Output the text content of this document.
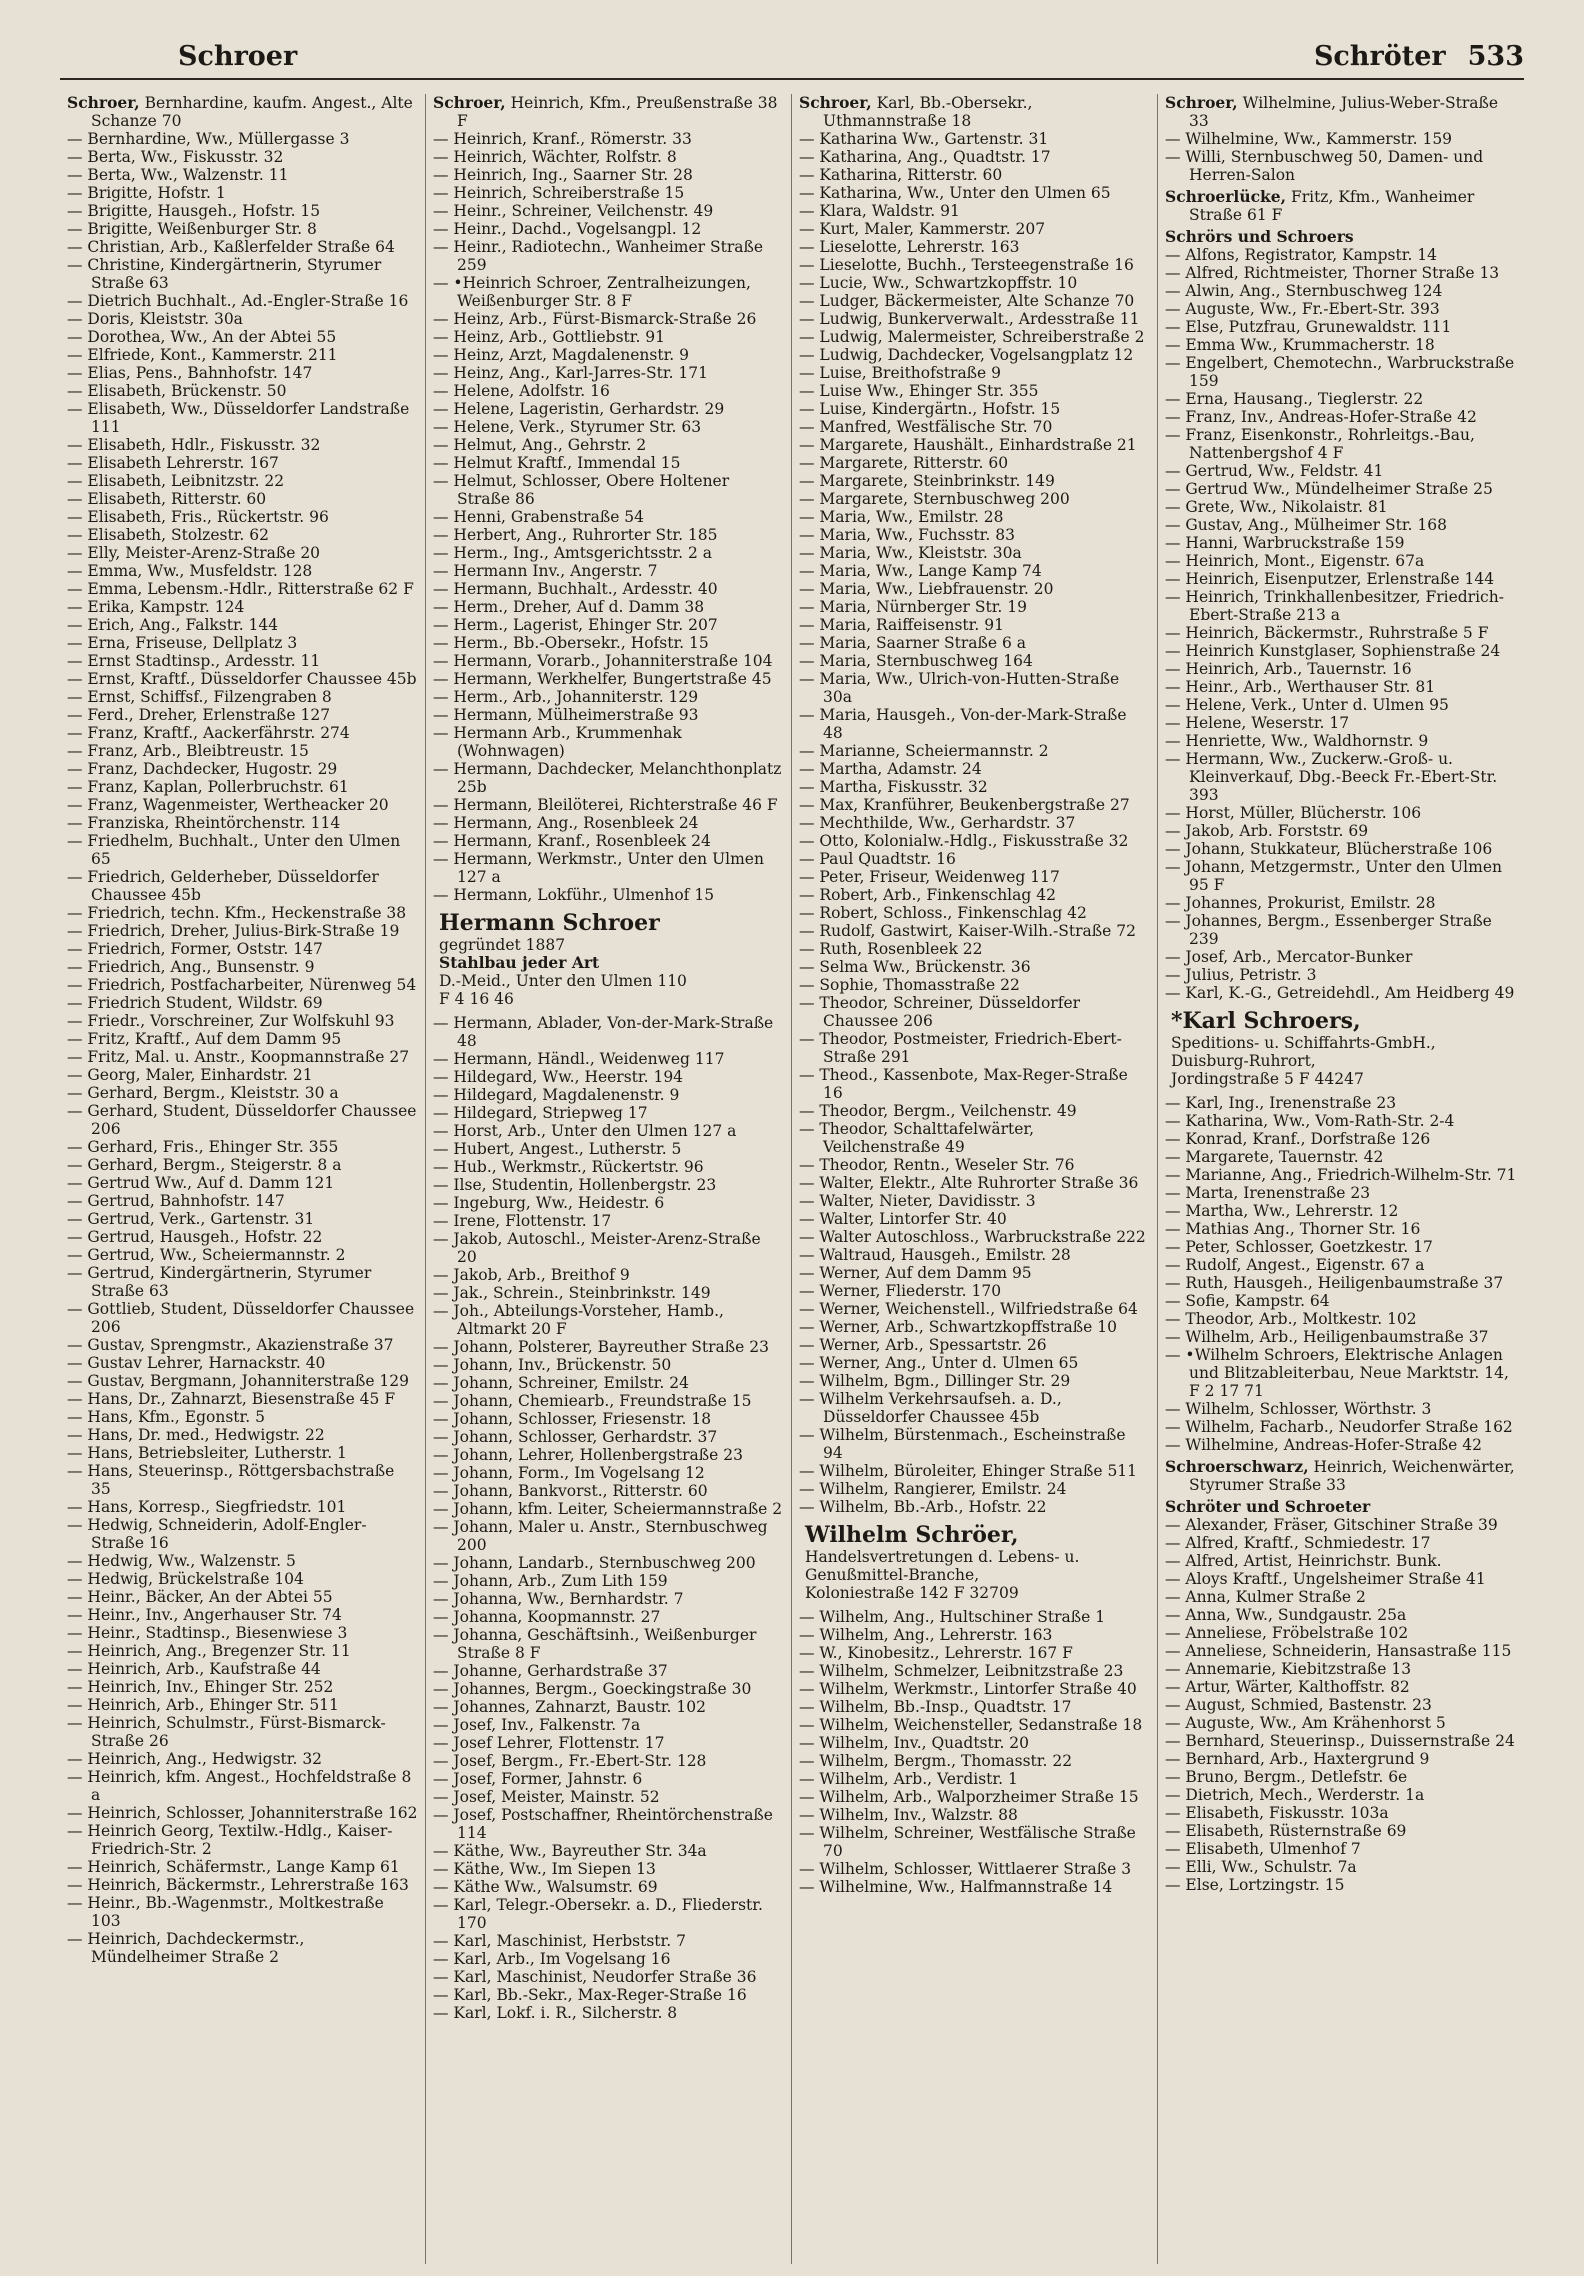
Schroer	Schröter 533
Schroer, Bernhardine, kaufm. Angest., Alte Schanze 70
— Bernhardine, Ww., Müllergasse 3
— Berta, Ww., Fiskusstr. 32
— Berta, Ww., Walzenstr. 11
— Brigitte, Hofstr. 1
— Brigitte, Hausgeh., Hofstr. 15
— Brigitte, Weißenburger Str. 8
— Christian, Arb., Kaßlerfelder Straße 64
— Christine, Kindergärtnerin, Styrumer Straße 63
— Dietrich Buchhalt., Ad.-Engler-Straße 16
— Doris, Kleiststr. 30a
— Dorothea, Ww., An der Abtei 55
— Elfriede, Kont., Kammerstr. 211
— Elias, Pens., Bahnhofstr. 147
— Elisabeth, Brückenstr. 50
— Elisabeth, Ww., Düsseldorfer Landstraße 111
— Elisabeth, Hdlr., Fiskusstr. 32
— Elisabeth Lehrerstr. 167
— Elisabeth, Leibnitzstr. 22
— Elisabeth, Ritterstr. 60
— Elisabeth, Fris., Rückertstr. 96
— Elisabeth, Stolzestr. 62
— Elly, Meister-Arenz-Straße 20
— Emma, Ww., Musfeldstr. 128
— Emma, Lebensm.-Hdlr., Ritterstraße 62 F
— Erika, Kampstr. 124
— Erich, Ang., Falkstr. 144
— Erna, Friseuse, Dellplatz 3
— Ernst Stadtinsp., Ardesstr. 11
— Ernst, Kraftf., Düsseldorfer Chaussee 45b
— Ernst, Schiffsf., Filzengraben 8
— Ferd., Dreher, Erlenstraße 127
— Franz, Kraftf., Aackerfährstr. 274
— Franz, Arb., Bleibtreustr. 15
— Franz, Dachdecker, Hugostr. 29
— Franz, Kaplan, Pollerbruchstr. 61
— Franz, Wagenmeister, Wertheacker 20
— Franziska, Rheintörchenstr. 114
— Friedhelm, Buchhalt., Unter den Ulmen 65
— Friedrich, Gelderheber, Düsseldorfer Chaussee 45b
— Friedrich, techn. Kfm., Heckenstraße 38
— Friedrich, Dreher, Julius-Birk-Straße 19
— Friedrich, Former, Oststr. 147
— Friedrich, Ang., Bunsenstr. 9
— Friedrich, Postfacharbeiter, Nürenweg 54
— Friedrich Student, Wildstr. 69
— Friedr., Vorschreiner, Zur Wolfskuhl 93
— Fritz, Kraftf., Auf dem Damm 95
— Fritz, Mal. u. Anstr., Koopmannstraße 27
— Georg, Maler, Einhardstr. 21
— Gerhard, Bergm., Kleiststr. 30 a
— Gerhard, Student, Düsseldorfer Chaussee 206
— Gerhard, Fris., Ehinger Str. 355
— Gerhard, Bergm., Steigerstr. 8 a
— Gertrud Ww., Auf d. Damm 121
— Gertrud, Bahnhofstr. 147
— Gertrud, Verk., Gartenstr. 31
— Gertrud, Hausgeh., Hofstr. 22
— Gertrud, Ww., Scheiermannstr. 2
— Gertrud, Kindergärtnerin, Styrumer Straße 63
— Gottlieb, Student, Düsseldorfer Chaussee 206
— Gustav, Sprengmstr., Akazienstraße 37
— Gustav Lehrer, Harnackstr. 40
— Gustav, Bergmann, Johanniterstraße 129
— Hans, Dr., Zahnarzt, Biesenstraße 45 F
— Hans, Kfm., Egonstr. 5
— Hans, Dr. med., Hedwigstr. 22
— Hans, Betriebsleiter, Lutherstr. 1
— Hans, Steuerinsp., Röttgersbachstraße 35
— Hans, Korresp., Siegfriedstr. 101
— Hedwig, Schneiderin, Adolf-Engler-Straße 16
— Hedwig, Ww., Walzenstr. 5
— Hedwig, Brückelstraße 104
— Heinr., Bäcker, An der Abtei 55
— Heinr., Inv., Angerhauser Str. 74
— Heinr., Stadtinsp., Biesenwiese 3
— Heinrich, Ang., Bregenzer Str. 11
— Heinrich, Arb., Kaufstraße 44
— Heinrich, Inv., Ehinger Str. 252
— Heinrich, Arb., Ehinger Str. 511
— Heinrich, Schulmstr., Fürst-Bismarck-Straße 26
— Heinrich, Ang., Hedwigstr. 32
— Heinrich, kfm. Angest., Hochfeldstraße 8 a
— Heinrich, Schlosser, Johanniterstraße 162
— Heinrich Georg, Textilw.-Hdlg., Kaiser-Friedrich-Str. 2
— Heinrich, Schäfermstr., Lange Kamp 61
— Heinrich, Bäckermstr., Lehrerstraße 163
— Heinr., Bb.-Wagenmstr., Moltkestraße 103
— Heinrich, Dachdeckermstr., Mündelheimer Straße 2
Schroer, Heinrich, Kfm., Preußenstraße 38 F
— Heinrich, Kranf., Römerstr. 33
— Heinrich, Wächter, Rolfstr. 8
— Heinrich, Ing., Saarner Str. 28
— Heinrich, Schreiberstraße 15
— Heinr., Schreiner, Veilchenstr. 49
— Heinr., Dachd., Vogelsangpl. 12
— Heinr., Radiotechn., Wanheimer Straße 259
— •Heinrich Schroer, Zentralheizungen, Weißenburger Str. 8 F
— Heinz, Arb., Fürst-Bismarck-Straße 26
— Heinz, Arb., Gottliebstr. 91
— Heinz, Arzt, Magdalenenstr. 9
— Heinz, Ang., Karl-Jarres-Str. 171
— Helene, Adolfstr. 16
— Helene, Lageristin, Gerhardstr. 29
— Helene, Verk., Styrumer Str. 63
— Helmut, Ang., Gehrstr. 2
— Helmut Kraftf., Immendal 15
— Helmut, Schlosser, Obere Holtener Straße 86
— Henni, Grabenstraße 54
— Herbert, Ang., Ruhrorter Str. 185
— Herm., Ing., Amtsgerichtsstr. 2 a
— Hermann Inv., Angerstr. 7
— Hermann, Buchhalt., Ardesstr. 40
— Herm., Dreher, Auf d. Damm 38
— Herm., Lagerist, Ehinger Str. 207
— Herm., Bb.-Obersekr., Hofstr. 15
— Hermann, Vorarb., Johanniterstraße 104
— Hermann, Werkhelfer, Bungertstraße 45
— Herm., Arb., Johanniterstr. 129
— Hermann, Mülheimerstraße 93
— Hermann Arb., Krummenhak (Wohnwagen)
— Hermann, Dachdecker, Melanchthonplatz 25b
— Hermann, Bleilöterei, Richterstraße 46 F
— Hermann, Ang., Rosenbleek 24
— Hermann, Kranf., Rosenbleek 24
— Hermann, Werkmstr., Unter den Ulmen 127 a
— Hermann, Lokführ., Ulmenhof 15
Hermann Schroer
gegründet 1887
Stahlbau jeder Art
D.-Meid., Unter den Ulmen 110
F 4 16 46
— Hermann, Ablader, Von-der-Mark-Straße 48
— Hermann, Händl., Weidenweg 117
— Hildegard, Ww., Heerstr. 194
— Hildegard, Magdalenenstr. 9
— Hildegard, Striepweg 17
— Horst, Arb., Unter den Ulmen 127 a
— Hubert, Angest., Lutherstr. 5
— Hub., Werkmstr., Rückertstr. 96
— Ilse, Studentin, Hollenbergstr. 23
— Ingeburg, Ww., Heidestr. 6
— Irene, Flottenstr. 17
— Jakob, Autoschl., Meister-Arenz-Straße 20
— Jakob, Arb., Breithof 9
— Jak., Schrein., Steinbrinkstr. 149
— Joh., Abteilungs-Vorsteher, Hamb., Altmarkt 20 F
— Johann, Polsterer, Bayreuther Straße 23
— Johann, Inv., Brückenstr. 50
— Johann, Schreiner, Emilstr. 24
— Johann, Chemiearb., Freundstraße 15
— Johann, Schlosser, Friesenstr. 18
— Johann, Schlosser, Gerhardstr. 37
— Johann, Lehrer, Hollenbergstraße 23
— Johann, Form., Im Vogelsang 12
— Johann, Bankvorst., Ritterstr. 60
— Johann, kfm. Leiter, Scheiermannstraße 2
— Johann, Maler u. Anstr., Sternbuschweg 200
— Johann, Landarb., Sternbuschweg 200
— Johann, Arb., Zum Lith 159
— Johanna, Ww., Bernhardstr. 7
— Johanna, Koopmannstr. 27
— Johanna, Geschäftsinh., Weißenburger Straße 8 F
— Johanne, Gerhardstraße 37
— Johannes, Bergm., Goeckingstraße 30
— Johannes, Zahnarzt, Baustr. 102
— Josef, Inv., Falkenstr. 7a
— Josef Lehrer, Flottenstr. 17
— Josef, Bergm., Fr.-Ebert-Str. 128
— Josef, Former, Jahnstr. 6
— Josef, Meister, Mainstr. 52
— Josef, Postschaffner, Rheintörchenstraße 114
— Käthe, Ww., Bayreuther Str. 34a
— Käthe, Ww., Im Siepen 13
— Käthe Ww., Walsumstr. 69
— Karl, Telegr.-Obersekr. a. D., Fliederstr. 170
— Karl, Maschinist, Herbststr. 7
— Karl, Arb., Im Vogelsang 16
— Karl, Maschinist, Neudorfer Straße 36
— Karl, Bb.-Sekr., Max-Reger-Straße 16
— Karl, Lokf. i. R., Silcherstr. 8
Schroer, Karl, Bb.-Obersekr., Uthmannstraße 18
— Katharina Ww., Gartenstr. 31
— Katharina, Ang., Quadtstr. 17
— Katharina, Ritterstr. 60
— Katharina, Ww., Unter den Ulmen 65
— Klara, Waldstr. 91
— Kurt, Maler, Kammerstr. 207
— Lieselotte, Lehrerstr. 163
— Lieselotte, Buchh., Tersteegenstraße 16
— Lucie, Ww., Schwartzkopffstr. 10
— Ludger, Bäckermeister, Alte Schanze 70
— Ludwig, Bunkerverwalt., Ardesstraße 11
— Ludwig, Malermeister, Schreiberstraße 2
— Ludwig, Dachdecker, Vogelsangplatz 12
— Luise, Breithofstraße 9
— Luise Ww., Ehinger Str. 355
— Luise, Kindergärtn., Hofstr. 15
— Manfred, Westfälische Str. 70
— Margarete, Haushält., Einhardstraße 21
— Margarete, Ritterstr. 60
— Margarete, Steinbrinkstr. 149
— Margarete, Sternbuschweg 200
— Maria, Ww., Emilstr. 28
— Maria, Ww., Fuchsstr. 83
— Maria, Ww., Kleiststr. 30a
— Maria, Ww., Lange Kamp 74
— Maria, Ww., Liebfrauenstr. 20
— Maria, Nürnberger Str. 19
— Maria, Raiffeisenstr. 91
— Maria, Saarner Straße 6 a
— Maria, Sternbuschweg 164
— Maria, Ww., Ulrich-von-Hutten-Straße 30a
— Maria, Hausgeh., Von-der-Mark-Straße 48
— Marianne, Scheiermannstr. 2
— Martha, Adamstr. 24
— Martha, Fiskusstr. 32
— Max, Kranführer, Beukenbergstraße 27
— Mechthilde, Ww., Gerhardstr. 37
— Otto, Kolonialw.-Hdlg., Fiskusstraße 32
— Paul Quadtstr. 16
— Peter, Friseur, Weidenweg 117
— Robert, Arb., Finkenschlag 42
— Robert, Schloss., Finkenschlag 42
— Rudolf, Gastwirt, Kaiser-Wilh.-Straße 72
— Ruth, Rosenbleek 22
— Selma Ww., Brückenstr. 36
— Sophie, Thomasstraße 22
— Theodor, Schreiner, Düsseldorfer Chaussee 206
— Theodor, Postmeister, Friedrich-Ebert-Straße 291
— Theod., Kassenbote, Max-Reger-Straße 16
— Theodor, Bergm., Veilchenstr. 49
— Theodor, Schalttafelwärter, Veilchenstraße 49
— Theodor, Rentn., Weseler Str. 76
— Walter, Elektr., Alte Ruhrorter Straße 36
— Walter, Nieter, Davidisstr. 3
— Walter, Lintorfer Str. 40
— Walter Autoschloss., Warbruckstraße 222
— Waltraud, Hausgeh., Emilstr. 28
— Werner, Auf dem Damm 95
— Werner, Fliederstr. 170
— Werner, Weichenstell., Wilfriedstraße 64
— Werner, Arb., Schwartzkopffstraße 10
— Werner, Arb., Spessartstr. 26
— Werner, Ang., Unter d. Ulmen 65
— Wilhelm, Bgm., Dillinger Str. 29
— Wilhelm Verkehrsaufseh. a. D., Düsseldorfer Chaussee 45b
— Wilhelm, Bürstenmach., Escheinstraße 94
— Wilhelm, Büroleiter, Ehinger Straße 511
— Wilhelm, Rangierer, Emilstr. 24
— Wilhelm, Bb.-Arb., Hofstr. 22
Wilhelm Schröer,
Handelsvertretungen d. Lebens- u. Genußmittel-Branche,
Koloniestraße 142 F 32709
— Wilhelm, Ang., Hultschiner Straße 1
— Wilhelm, Ang., Lehrerstr. 163
— W., Kinobesitz., Lehrerstr. 167 F
— Wilhelm, Schmelzer, Leibnitzstraße 23
— Wilhelm, Werkmstr., Lintorfer Straße 40
— Wilhelm, Bb.-Insp., Quadtstr. 17
— Wilhelm, Weichensteller, Sedanstraße 18
— Wilhelm, Inv., Quadtstr. 20
— Wilhelm, Bergm., Thomasstr. 22
— Wilhelm, Arb., Verdistr. 1
— Wilhelm, Arb., Walporzheimer Straße 15
— Wilhelm, Inv., Walzstr. 88
— Wilhelm, Schreiner, Westfälische Straße 70
— Wilhelm, Schlosser, Wittlaerer Straße 3
— Wilhelmine, Ww., Halfmannstraße 14
Schroer, Wilhelmine, Julius-Weber-Straße 33
— Wilhelmine, Ww., Kammerstr. 159
— Willi, Sternbuschweg 50, Damen- und Herren-Salon
Schroerlücke, Fritz, Kfm., Wanheimer Straße 61 F
Schrörs und Schroers
— Alfons, Registrator, Kampstr. 14
— Alfred, Richtmeister, Thorner Straße 13
— Alwin, Ang., Sternbuschweg 124
— Auguste, Ww., Fr.-Ebert-Str. 393
— Else, Putzfrau, Grunewaldstr. 111
— Emma Ww., Krummacherstr. 18
— Engelbert, Chemotechn., Warbruckstraße 159
— Erna, Hausang., Tieglerstr. 22
— Franz, Inv., Andreas-Hofer-Straße 42
— Franz, Eisenkonstr., Rohrleitgs.-Bau, Nattenbergshof 4 F
— Gertrud, Ww., Feldstr. 41
— Gertrud Ww., Mündelheimer Straße 25
— Grete, Ww., Nikolaistr. 81
— Gustav, Ang., Mülheimer Str. 168
— Hanni, Warbruckstraße 159
— Heinrich, Mont., Eigenstr. 67a
— Heinrich, Eisenputzer, Erlenstraße 144
— Heinrich, Trinkhallenbesitzer, Friedrich-Ebert-Straße 213 a
— Heinrich, Bäckermstr., Ruhrstraße 5 F
— Heinrich Kunstglaser, Sophienstraße 24
— Heinrich, Arb., Tauernstr. 16
— Heinr., Arb., Werthauser Str. 81
— Helene, Verk., Unter d. Ulmen 95
— Helene, Weserstr. 17
— Henriette, Ww., Waldhornstr. 9
— Hermann, Ww., Zuckerw.-Groß- u. Kleinverkauf, Dbg.-Beeck Fr.-Ebert-Str. 393
— Horst, Müller, Blücherstr. 106
— Jakob, Arb. Forststr. 69
— Johann, Stukkateur, Blücherstraße 106
— Johann, Metzgermstr., Unter den Ulmen 95 F
— Johannes, Prokurist, Emilstr. 28
— Johannes, Bergm., Essenberger Straße 239
— Josef, Arb., Mercator-Bunker
— Julius, Petristr. 3
— Karl, K.-G., Getreidehdl., Am Heidberg 49
*Karl Schroers,
Speditions- u. Schiffahrts-GmbH., Duisburg-Ruhrort,
Jordingstraße 5 F 44247
— Karl, Ing., Irenenstraße 23
— Katharina, Ww., Vom-Rath-Str. 2-4
— Konrad, Kranf., Dorfstraße 126
— Margarete, Tauernstr. 42
— Marianne, Ang., Friedrich-Wilhelm-Str. 71
— Marta, Irenenstraße 23
— Martha, Ww., Lehrerstr. 12
— Mathias Ang., Thorner Str. 16
— Peter, Schlosser, Goetzkestr. 17
— Rudolf, Angest., Eigenstr. 67 a
— Ruth, Hausgeh., Heiligenbaumstraße 37
— Sofie, Kampstr. 64
— Theodor, Arb., Moltkestr. 102
— Wilhelm, Arb., Heiligenbaumstraße 37
— •Wilhelm Schroers, Elektrische Anlagen und Blitzableiterbau, Neue Marktstr. 14, F 2 17 71
— Wilhelm, Schlosser, Wörthstr. 3
— Wilhelm, Facharb., Neudorfer Straße 162
— Wilhelmine, Andreas-Hofer-Straße 42
Schroerschwarz, Heinrich, Weichenwärter, Styrumer Straße 33
Schröter und Schroeter
— Alexander, Fräser, Gitschiner Straße 39
— Alfred, Kraftf., Schmiedestr. 17
— Alfred, Artist, Heinrichstr. Bunk.
— Aloys Kraftf., Ungelsheimer Straße 41
— Anna, Kulmer Straße 2
— Anna, Ww., Sundgaustr. 25a
— Anneliese, Fröbelstraße 102
— Anneliese, Schneiderin, Hansastraße 115
— Annemarie, Kiebitzstraße 13
— Artur, Wärter, Kalthoffstr. 82
— August, Schmied, Bastenstr. 23
— Auguste, Ww., Am Krähenhorst 5
— Bernhard, Steuerinsp., Duissernstraße 24
— Bernhard, Arb., Haxtergrund 9
— Bruno, Bergm., Detlefstr. 6e
— Dietrich, Mech., Werderstr. 1a
— Elisabeth, Fiskusstr. 103a
— Elisabeth, Rüsternstraße 69
— Elisabeth, Ulmenhof 7
— Elli, Ww., Schulstr. 7a
— Else, Lortzingstr. 15
